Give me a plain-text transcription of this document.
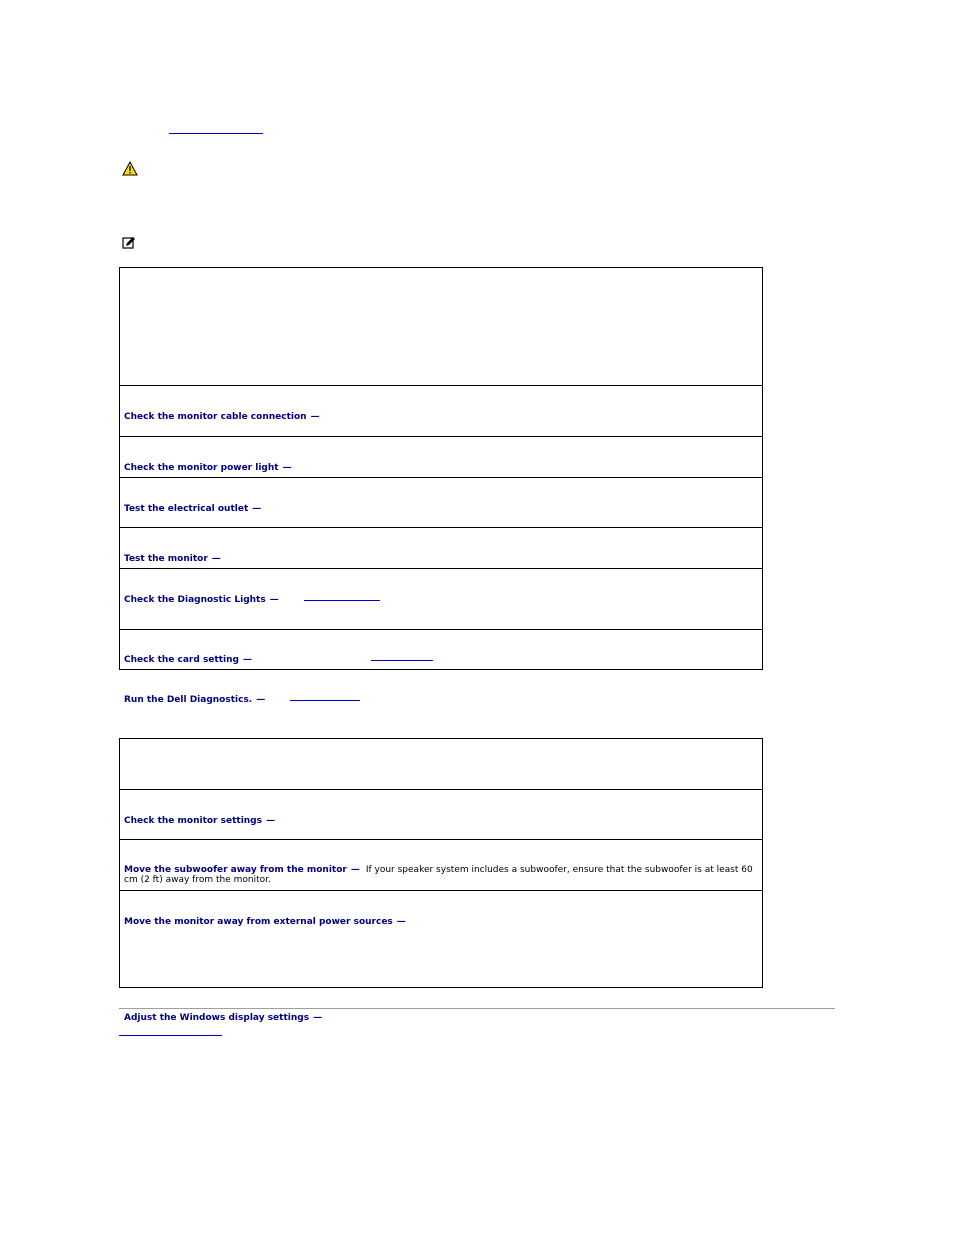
Check the monitor cable connection —

Check the monitor power light —

Test the electrical outlet —

Test the monitor —

Check the Diagnostic Lights —

Check the card setting —

Run the Dell Diagnostics. —
Check the monitor settings —

Move the subwoofer away from the monitor — If your speaker system includes a subwoofer, ensure that the subwoofer is at least 60 cm (2 ft) away from the monitor.

Move the monitor away from external power sources —

Adjust the Windows display settings —
